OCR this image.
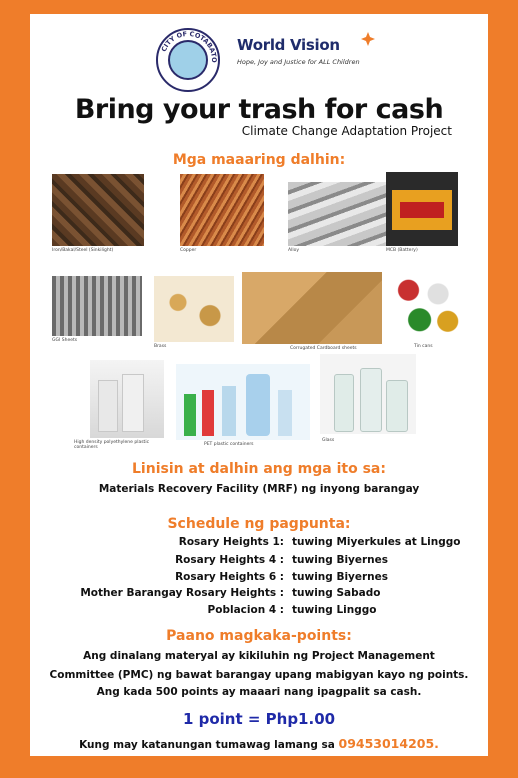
CITY OF COTABATO
World Vision
Hope, Joy and Justice for ALL Children
Bring your trash for cash
Climate Change Adaptation Project
Mga maaaring dalhin:
Iron/Bakal/Steel (Sinkilight)	Copper	Alloy	MCB (Battery)
GGI Sheets
Brass	Corrugated Cardboard sheets	Tin cans
High density polyethylene plastic containers
PET plastic containers
Glass
Linisin at dalhin ang mga ito sa:
Materials Recovery Facility (MRF) ng inyong barangay
Schedule ng pagpunta:
Rosary Heights 1: tuwing Miyerkules at Linggo
Rosary Heights 4 : tuwing Biyernes
Rosary Heights 6 : tuwing Biyernes
Mother Barangay Rosary Heights : tuwing Sabado
Poblacion 4 : tuwing Linggo
Paano magkaka-points:
Ang dinalang materyal ay kikiluhin ng Project Management
Committee (PMC) ng bawat barangay upang mabigyan kayo ng points.
Ang kada 500 points ay maaari nang ipagpalit sa cash.
1 point = Php1.00
Kung may katanungan tumawag lamang sa 09453014205.
